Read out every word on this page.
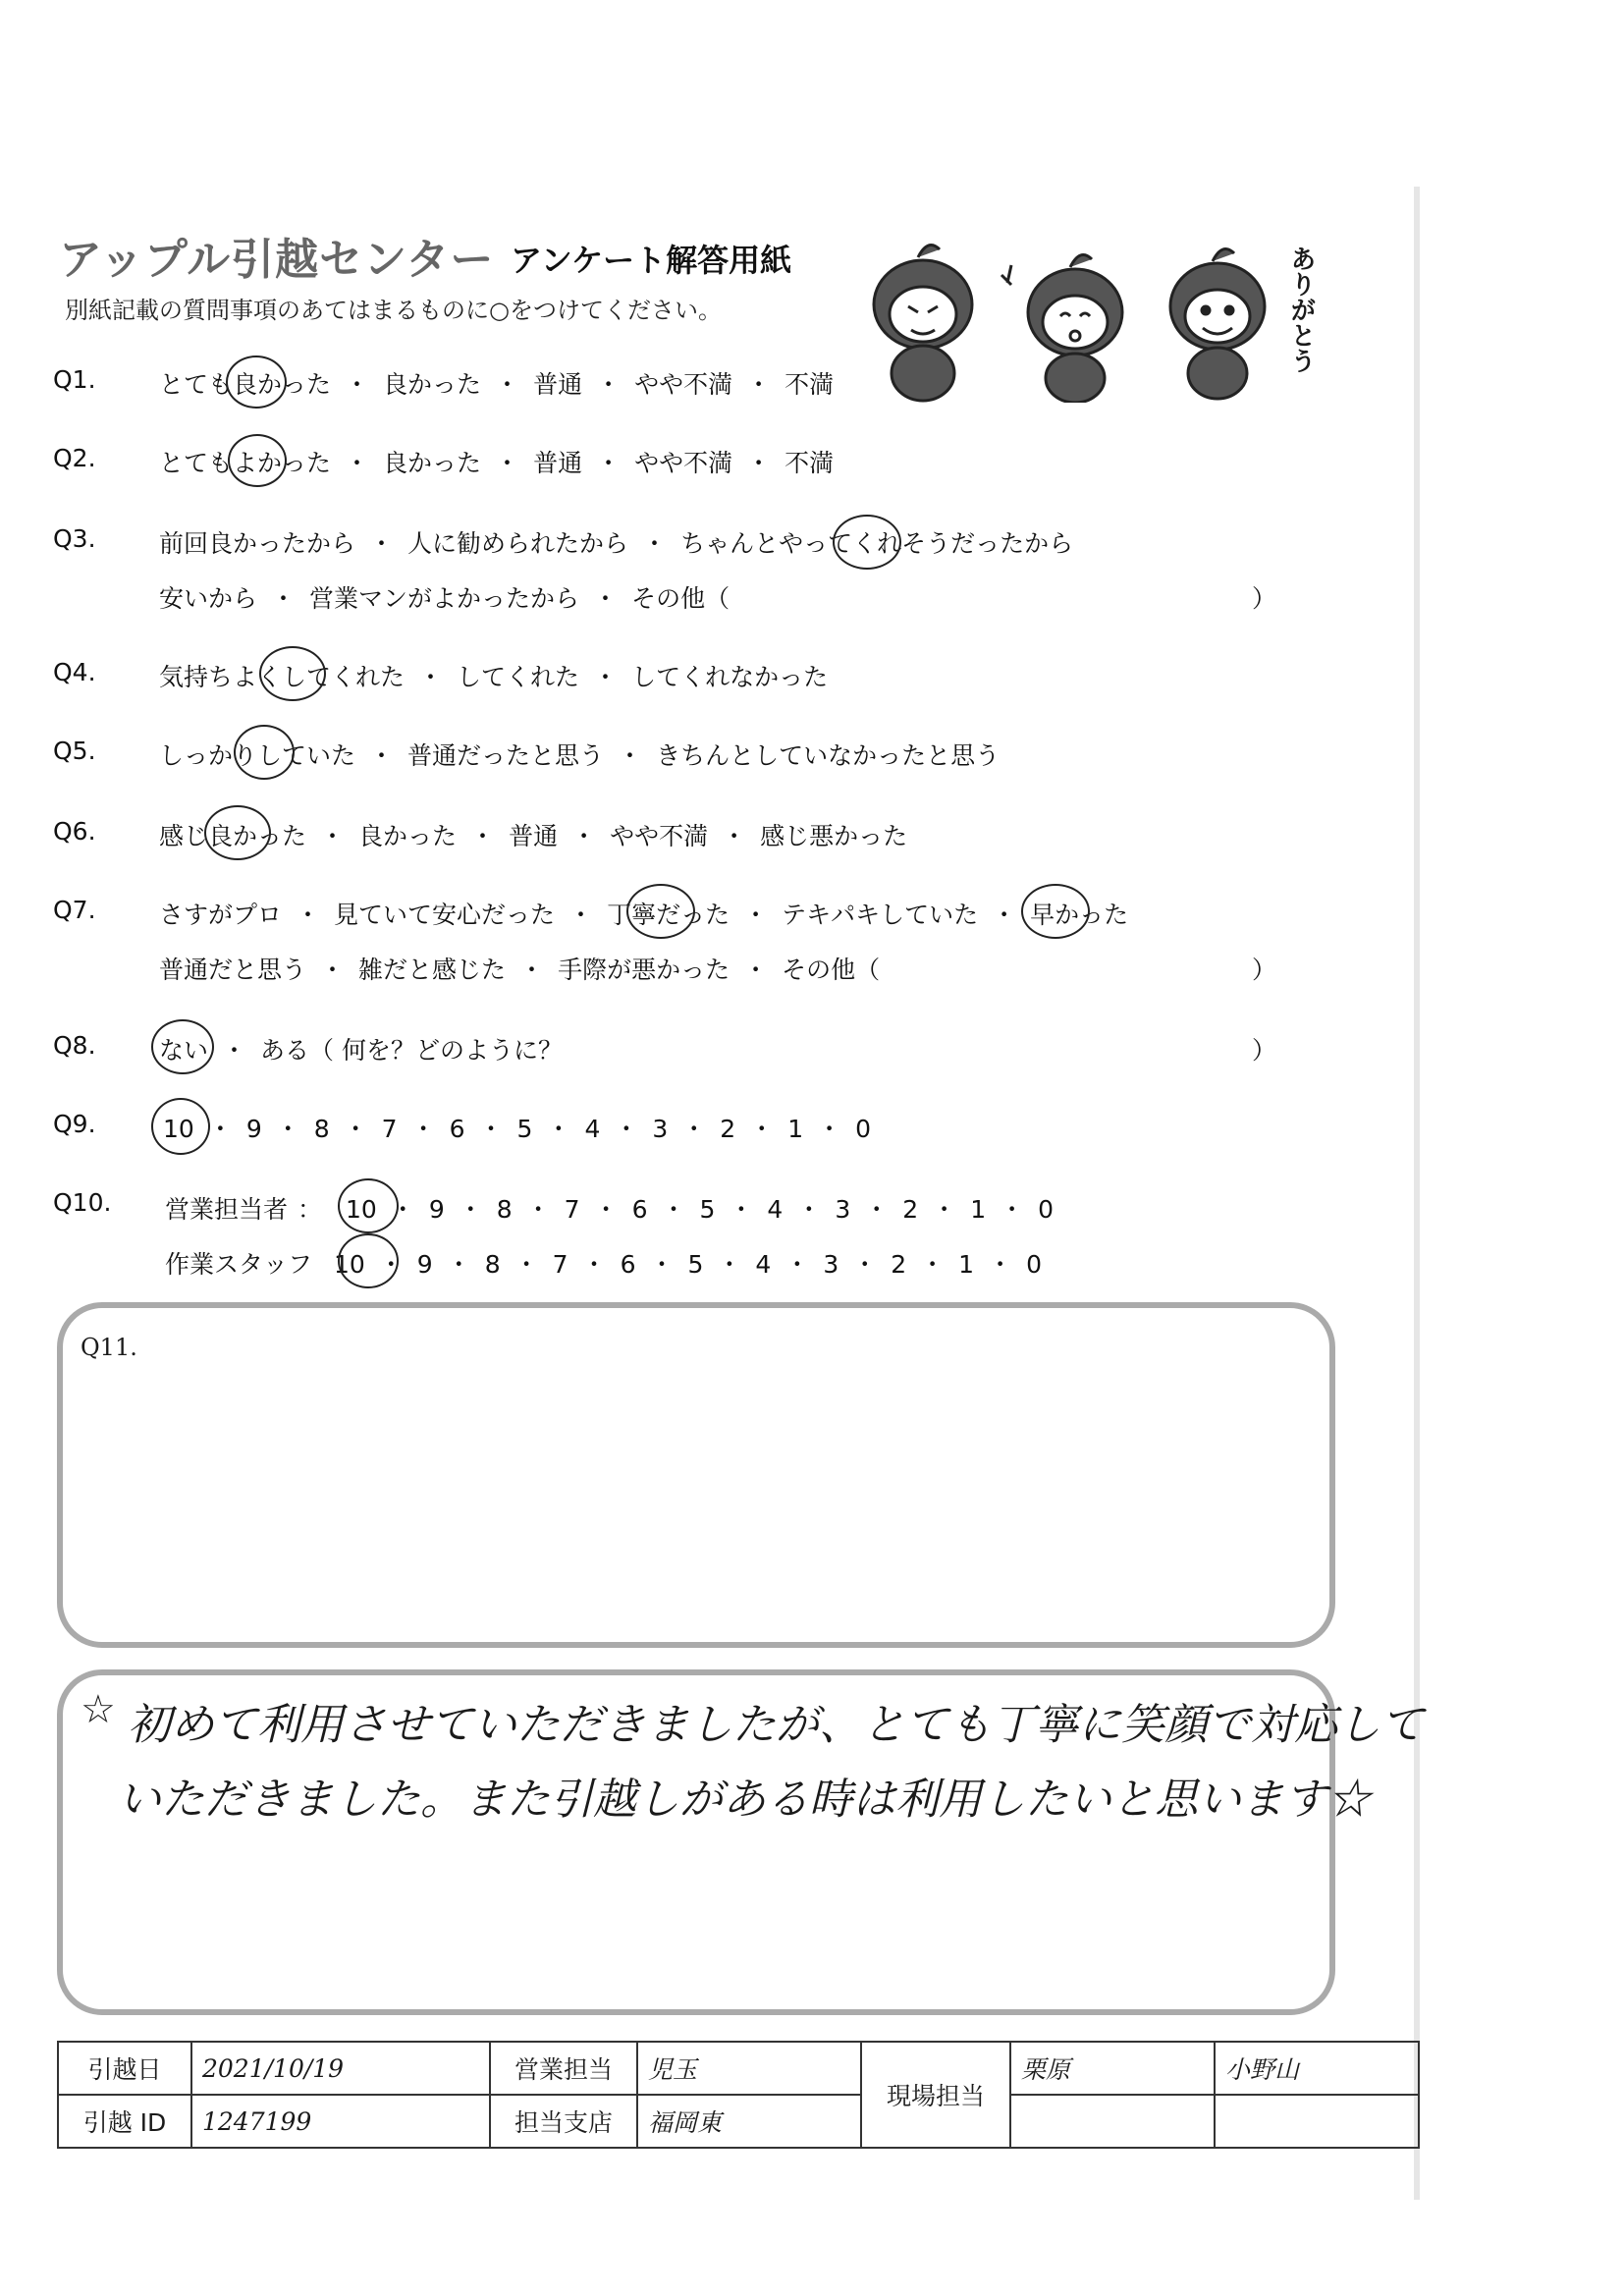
アップル引越センター アンケート解答用紙
別紙記載の質問事項のあてはまるものに○をつけてください。	ありがとう
Q1.	とても良かった ・ 良かった ・ 普通 ・ やや不満 ・ 不満
Q2.	とてもよかった ・ 良かった ・ 普通 ・ やや不満 ・ 不満
Q3.	前回良かったから ・ 人に勧められたから ・ ちゃんとやってくれそうだったから
安いから ・ 営業マンがよかったから ・ その他（	）
Q4.	気持ちよくしてくれた ・ してくれた ・ してくれなかった
Q5.	しっかりしていた ・ 普通だったと思う ・ きちんとしていなかったと思う
Q6.	感じ良かった ・ 良かった ・ 普通 ・ やや不満 ・ 感じ悪かった
Q7.	さすがプロ ・ 見ていて安心だった ・ 丁寧だった ・ テキパキしていた ・ 早かった
普通だと思う ・ 雑だと感じた ・ 手際が悪かった ・ その他（	）
Q8.	ない ・ ある（ 何を？どのように？	）
Q9.	10 ・ 9 ・ 8 ・ 7 ・ 6 ・ 5 ・ 4 ・ 3 ・ 2 ・ 1 ・ 0
Q10. 営業担当者 ： 10 ・ 9 ・ 8 ・ 7 ・ 6 ・ 5 ・ 4 ・ 3 ・ 2 ・ 1 ・ 0
作業スタッフ 10 ・ 9 ・ 8 ・ 7 ・ 6 ・ 5 ・ 4 ・ 3 ・ 2 ・ 1 ・ 0
Q11.
☆ 初めて利用させていただきましたが、とても丁寧に笑顔で対応して
いただきました。また引越しがある時は利用したいと思います☆
引越日	2021/10/19	営業担当	児玉	現場担当	栗原	小野山
引越 ID	1247199	担当支店	福岡東			
